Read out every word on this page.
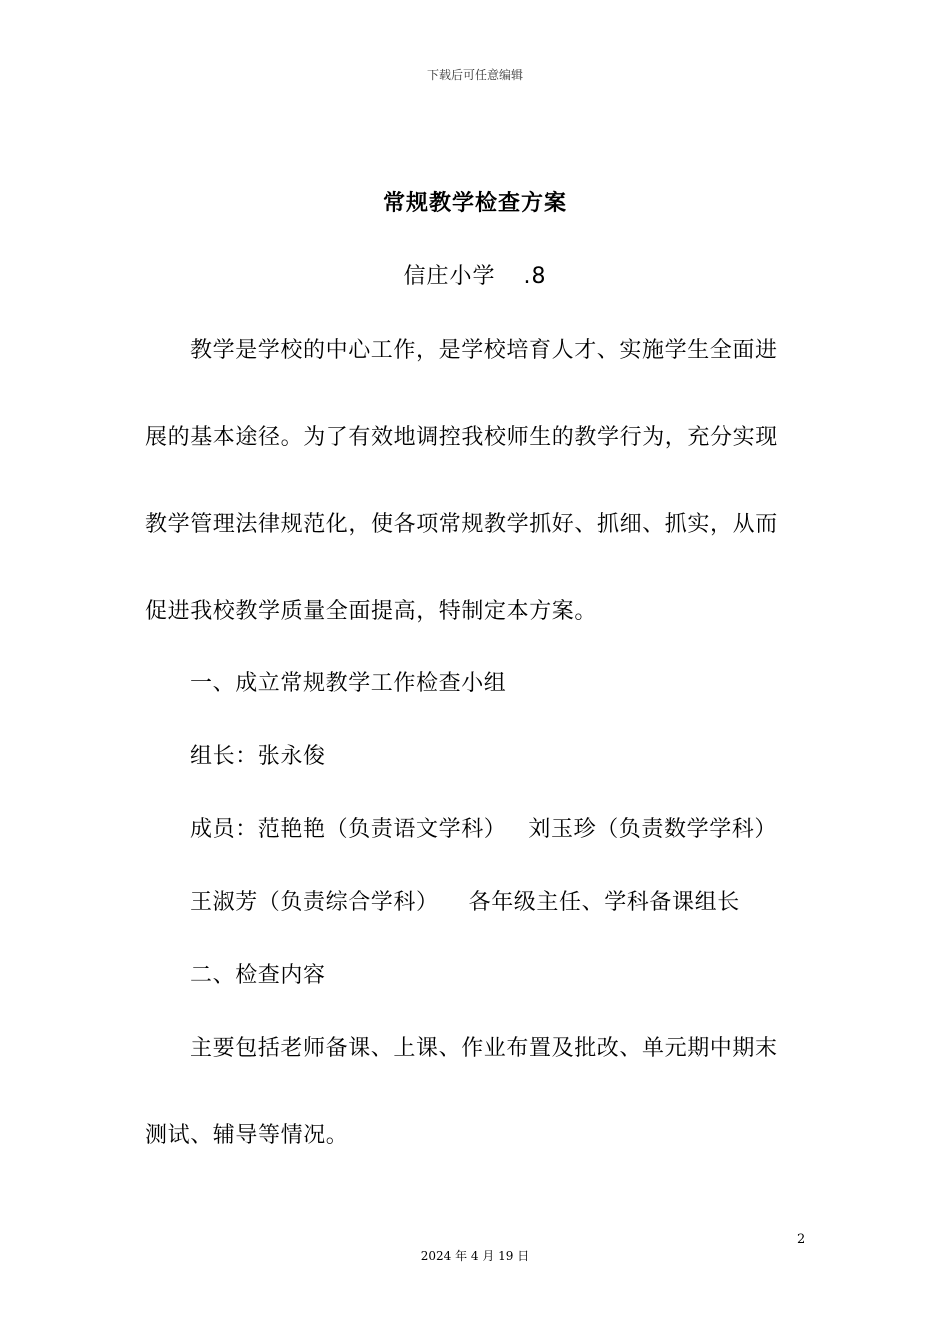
下载后可任意编辑
常规教学检查方案
信庄小学 .8
教学是学校的中心工作，是学校培育人才、实施学生全面进
展的基本途径。为了有效地调控我校师生的教学行为，充分实现
教学管理法律规范化，使各项常规教学抓好、抓细、抓实，从而
促进我校教学质量全面提高，特制定本方案。
一、成立常规教学工作检查小组
组长：张永俊
成员：范艳艳（负责语文学科） 刘玉珍（负责数学学科）
王淑芳（负责综合学科） 各年级主任、学科备课组长
二、检查内容
主要包括老师备课、上课、作业布置及批改、单元期中期末
测试、辅导等情况。
2
2024 年 4 月 19 日
